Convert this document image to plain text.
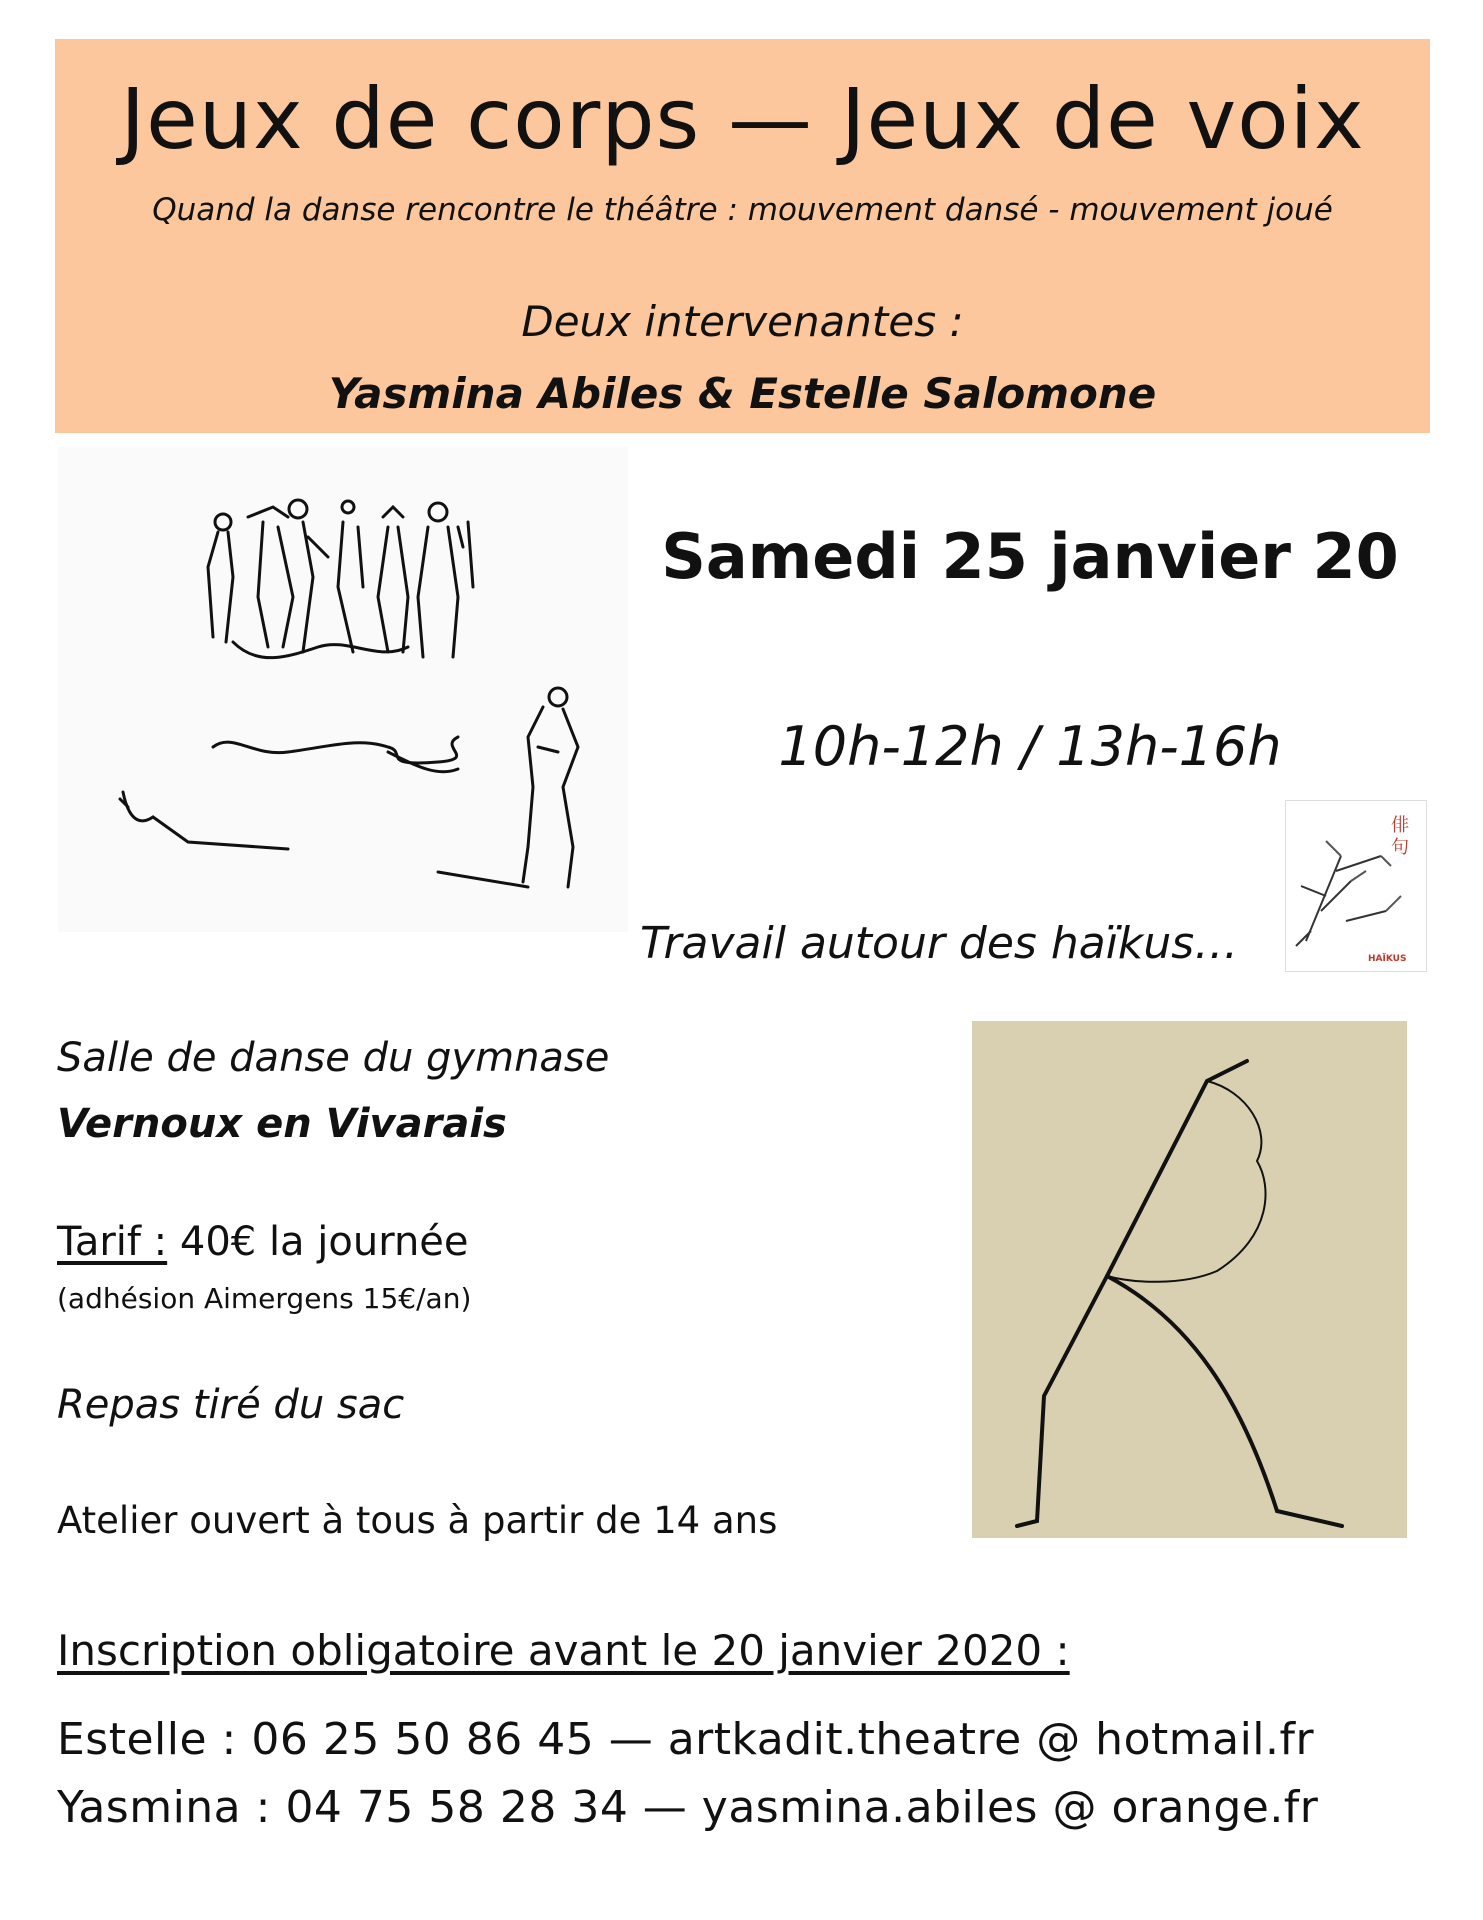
Jeux de corps — Jeux de voix
Quand la danse rencontre le théâtre : mouvement dansé - mouvement joué
Deux intervenantes :
Yasmina Abiles & Estelle Salomone
Samedi 25 janvier 20
10h-12h / 13h-16h
俳
句
HAÏKUS
Travail autour des haïkus…
Salle de danse du gymnase
Vernoux en Vivarais
Tarif : 40€ la journée
(adhésion Aimergens 15€/an)
Repas tiré du sac
Atelier ouvert à tous à partir de 14 ans
Inscription obligatoire avant le 20 janvier 2020 :
Estelle : 06 25 50 86 45 — artkadit.theatre @ hotmail.fr
Yasmina : 04 75 58 28 34 — yasmina.abiles @ orange.fr
